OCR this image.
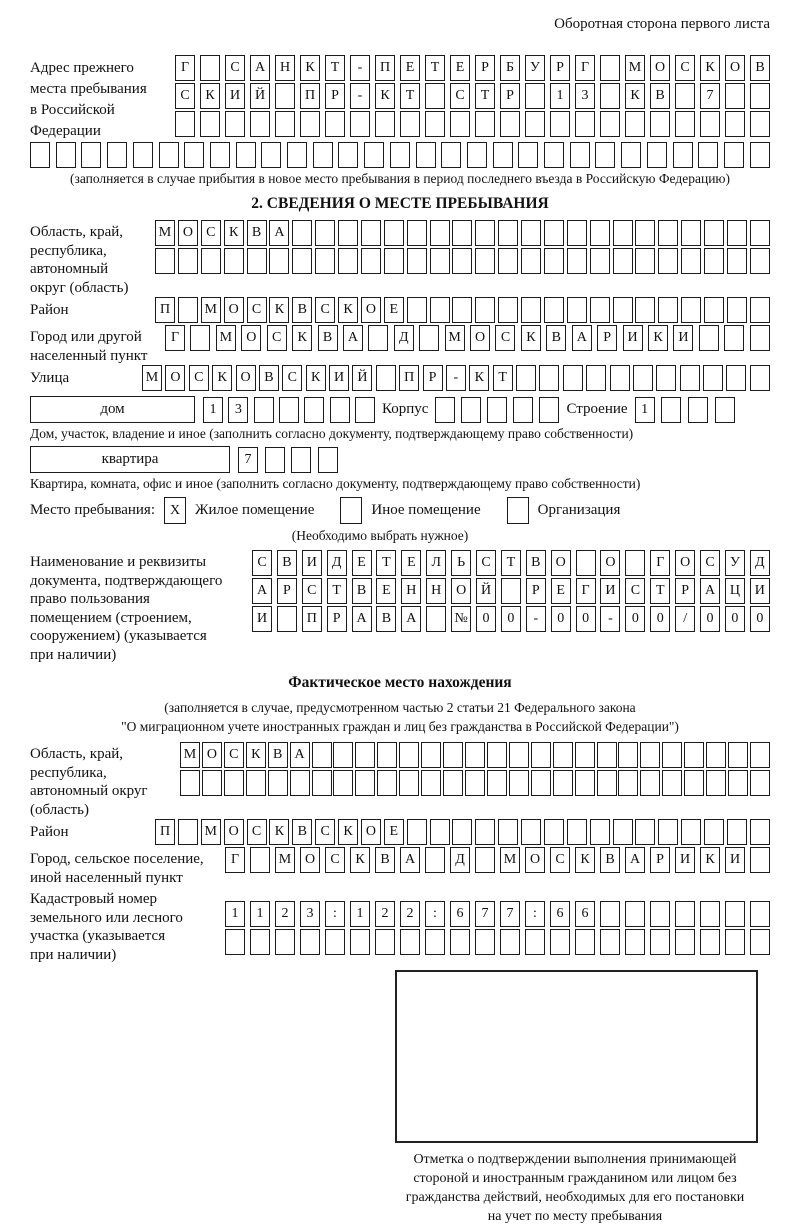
Оборотная сторона первого листа
Адрес прежнего
места пребывания
в Российской
Федерации
Г	С	А	Н	К	Т	-	П	Е	Т	Е	Р	Б	У	Р	Г	М О	С	К	О	В
С	К	И	Й	П	Р	-	К	Т	С	Т	Р	1	3	К	В	7
(заполняется в случае прибытия в новое место пребывания в период последнего въезда в Российскую Федерацию)
2. СВЕДЕНИЯ О МЕСТЕ ПРЕБЫВАНИЯ
Область, край,
республика,
автономный
округ (область)
М О С К В А
Район	П	М О С К В С К О Е
Город или другой
населенный пункт
Г	М	О	С	К	В	А	Д	М	О	С	К	В	А	Р	И	К	И
Улица	М О С	К О В	С	К И Й	П	Р	-	К	Т
дом	1	3	Корпус	Строение 1
Дом, участок, владение и иное (заполнить согласно документу, подтверждающему право собственности)
квартира	7
Квартира, комната, офис и иное (заполнить согласно документу, подтверждающему право собственности)
Место пребывания:	X Жилое помещение	Иное помещение	Организация
(Необходимо выбрать нужное)
Наименование и реквизиты
документа, подтверждающего
право пользования
помещением (строением,
сооружением) (указывается
при наличии)
С	В	И	Д	Е	Т	Е	Л	Ь	С	Т	В	О	О	Г	О	С	У	Д
А	Р	С	Т	В	Е	Н	Н	О	Й	Р	Е	Г	И	С	Т	Р	А	Ц	И
И	П	Р	А	В	А	№	0	0	-	0	0	-	0	0	/	0	0	0
Фактическое место нахождения
(заполняется в случае, предусмотренном частью 2 статьи 21 Федерального закона
"О миграционном учете иностранных граждан и лиц без гражданства в Российской Федерации")
Область, край,
республика,
автономный округ
(область)
М О С К В А
Район	П	М О С К В С К О Е
Город, сельское поселение,
иной населенный пункт
Г	М О	С	К	В	А	Д	М О	С	К	В	А	Р	И	К	И
Кадастровый номер
земельного или лесного
участка (указывается
при наличии)
1	1	2	3	:	1	2	2	:	6	7	7	:	6	6
Отметка о подтверждении выполнения принимающей
стороной и иностранным гражданином или лицом без
гражданства действий, необходимых для его постановки
на учет по месту пребывания
